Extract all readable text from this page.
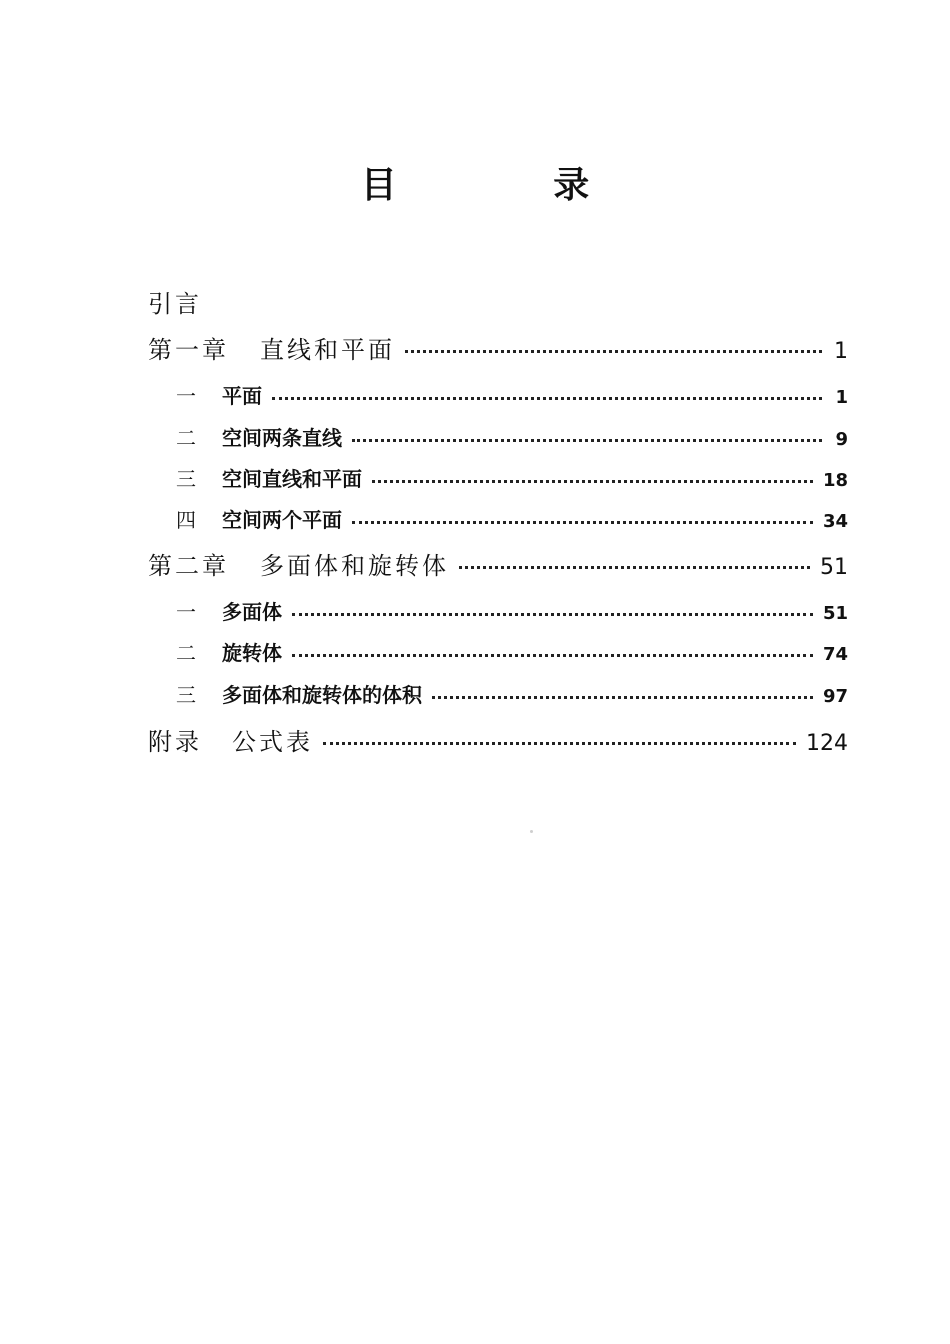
目 录
引言
第一章	直线和平面	1
一	平面	1
二	空间两条直线	9
三	空间直线和平面	18
四	空间两个平面	34
第二章	多面体和旋转体	51
一	多面体	51
二	旋转体	74
三	多面体和旋转体的体积	97
附录	公式表	124
